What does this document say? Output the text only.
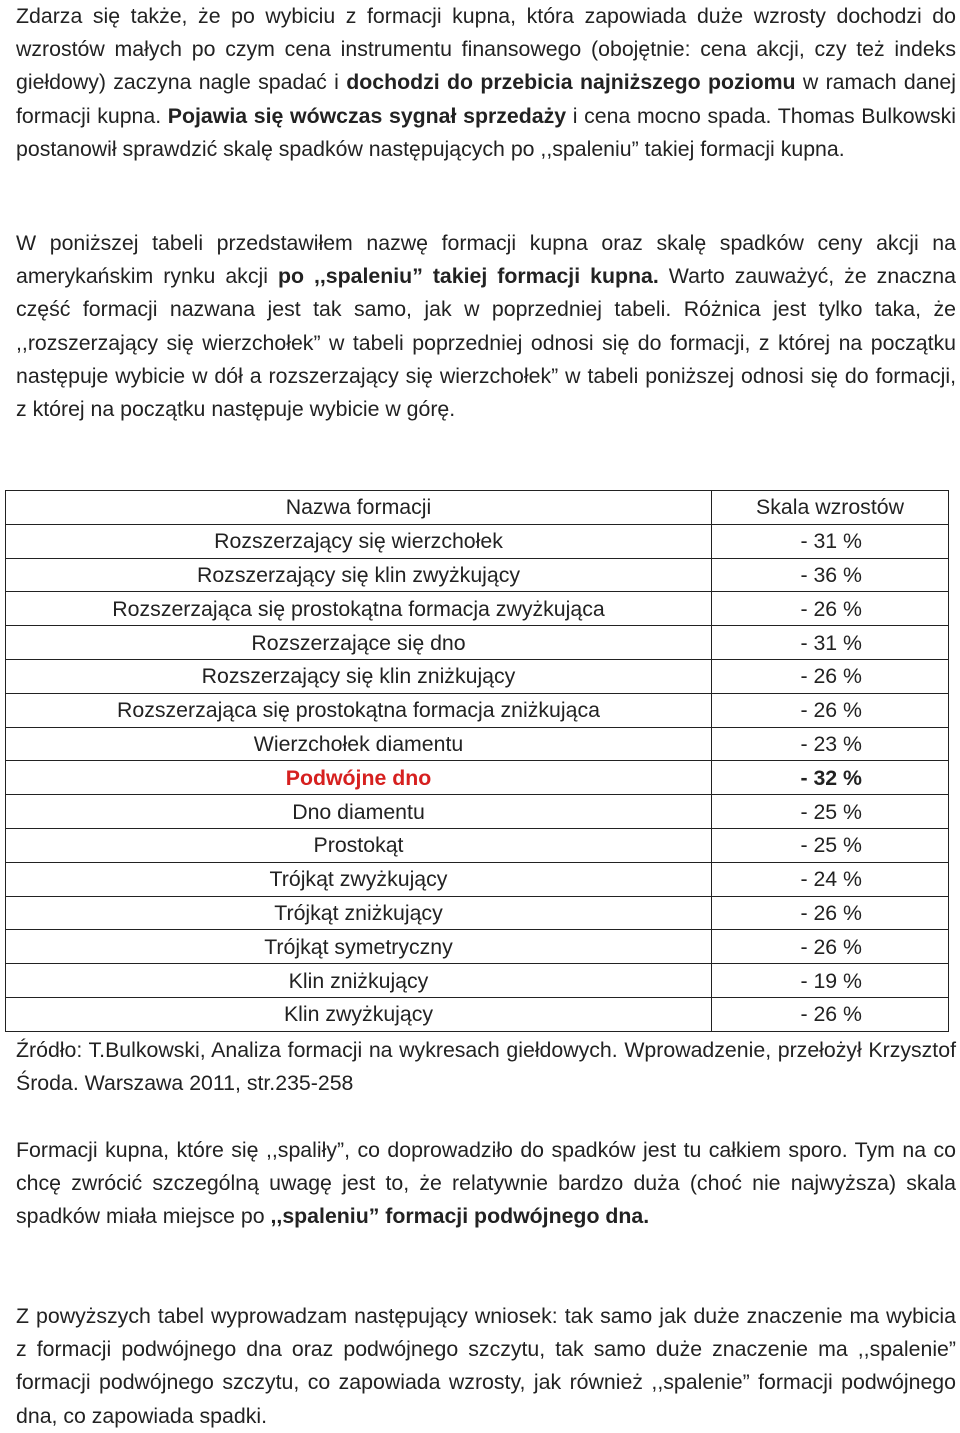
Zdarza się także, że po wybiciu z formacji kupna, która zapowiada duże wzrosty dochodzi do wzrostów małych po czym cena instrumentu finansowego (obojętnie: cena akcji, czy też indeks giełdowy) zaczyna nagle spadać i dochodzi do przebicia najniższego poziomu w ramach danej formacji kupna. Pojawia się wówczas sygnał sprzedaży i cena mocno spada. Thomas Bulkowski postanowił sprawdzić skalę spadków następujących po ,,spaleniu” takiej formacji kupna.

W poniższej tabeli przedstawiłem nazwę formacji kupna oraz skalę spadków ceny akcji na amerykańskim rynku akcji po ,,spaleniu” takiej formacji kupna. Warto zauważyć, że znaczna część formacji nazwana jest tak samo, jak w poprzedniej tabeli. Różnica jest tylko taka, że ,,rozszerzający się wierzchołek” w tabeli poprzedniej odnosi się do formacji, z której na początku następuje wybicie w dół a rozszerzający się wierzchołek” w tabeli poniższej odnosi się do formacji, z której na początku następuje wybicie w górę.

Nazwa formacji	Skala wzrostów
Rozszerzający się wierzchołek	- 31 %
Rozszerzający się klin zwyżkujący	- 36 %
Rozszerzająca się prostokątna formacja zwyżkująca	- 26 %
Rozszerzające się dno	- 31 %
Rozszerzający się klin zniżkujący	- 26 %
Rozszerzająca się prostokątna formacja zniżkująca	- 26 %
Wierzchołek diamentu	- 23 %
Podwójne dno	- 32 %
Dno diamentu	- 25 %
Prostokąt	- 25 %
Trójkąt zwyżkujący	- 24 %
Trójkąt zniżkujący	- 26 %
Trójkąt symetryczny	- 26 %
Klin zniżkujący	- 19 %
Klin zwyżkujący	- 26 %

Źródło: T.Bulkowski, Analiza formacji na wykresach giełdowych. Wprowadzenie, przełożył Krzysztof Środa. Warszawa 2011, str.235-258

Formacji kupna, które się ,,spaliły”, co doprowadziło do spadków jest tu całkiem sporo. Tym na co chcę zwrócić szczególną uwagę jest to, że relatywnie bardzo duża (choć nie najwyższa) skala spadków miała miejsce po ,,spaleniu” formacji podwójnego dna.

Z powyższych tabel wyprowadzam następujący wniosek: tak samo jak duże znaczenie ma wybicia z formacji podwójnego dna oraz podwójnego szczytu, tak samo duże znaczenie ma ,,spalenie” formacji podwójnego szczytu, co zapowiada wzrosty, jak również ,,spalenie” formacji podwójnego dna, co zapowiada spadki.
